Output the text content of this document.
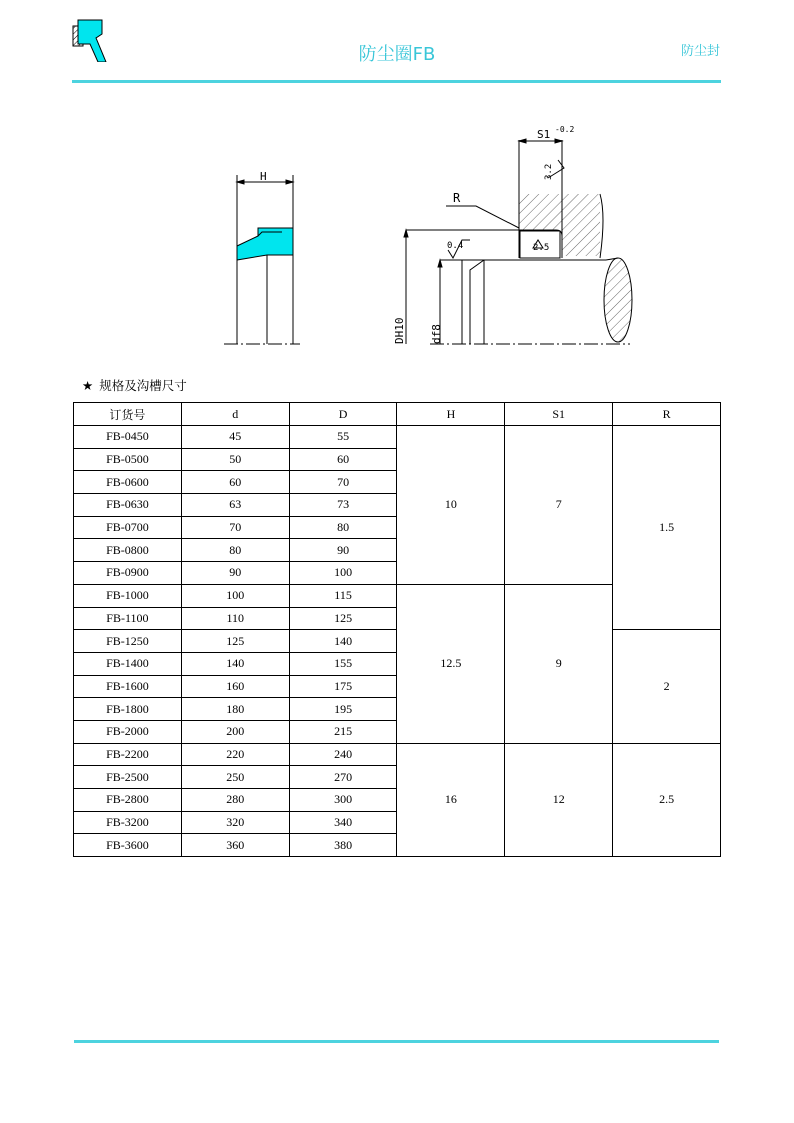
防尘圈FB	防尘封
H
S1 -0.2
R
0.4	2.5
3.2
DH10 df8
★ 规格及沟槽尺寸
订货号	d	D	H	S1	R
FB-0450	45	55	10	7	1.5
FB-0500	50	60			
FB-0600	60	70			
FB-0630	63	73			
FB-0700	70	80			
FB-0800	80	90			
FB-0900	90	100			
FB-1000	100	115	12.5	9	
FB-1100	110	125			
FB-1250	125	140			2
FB-1400	140	155			
FB-1600	160	175			
FB-1800	180	195			
FB-2000	200	215			
FB-2200	220	240	16	12	2.5
FB-2500	250	270			
FB-2800	280	300			
FB-3200	320	340			
FB-3600	360	380			
